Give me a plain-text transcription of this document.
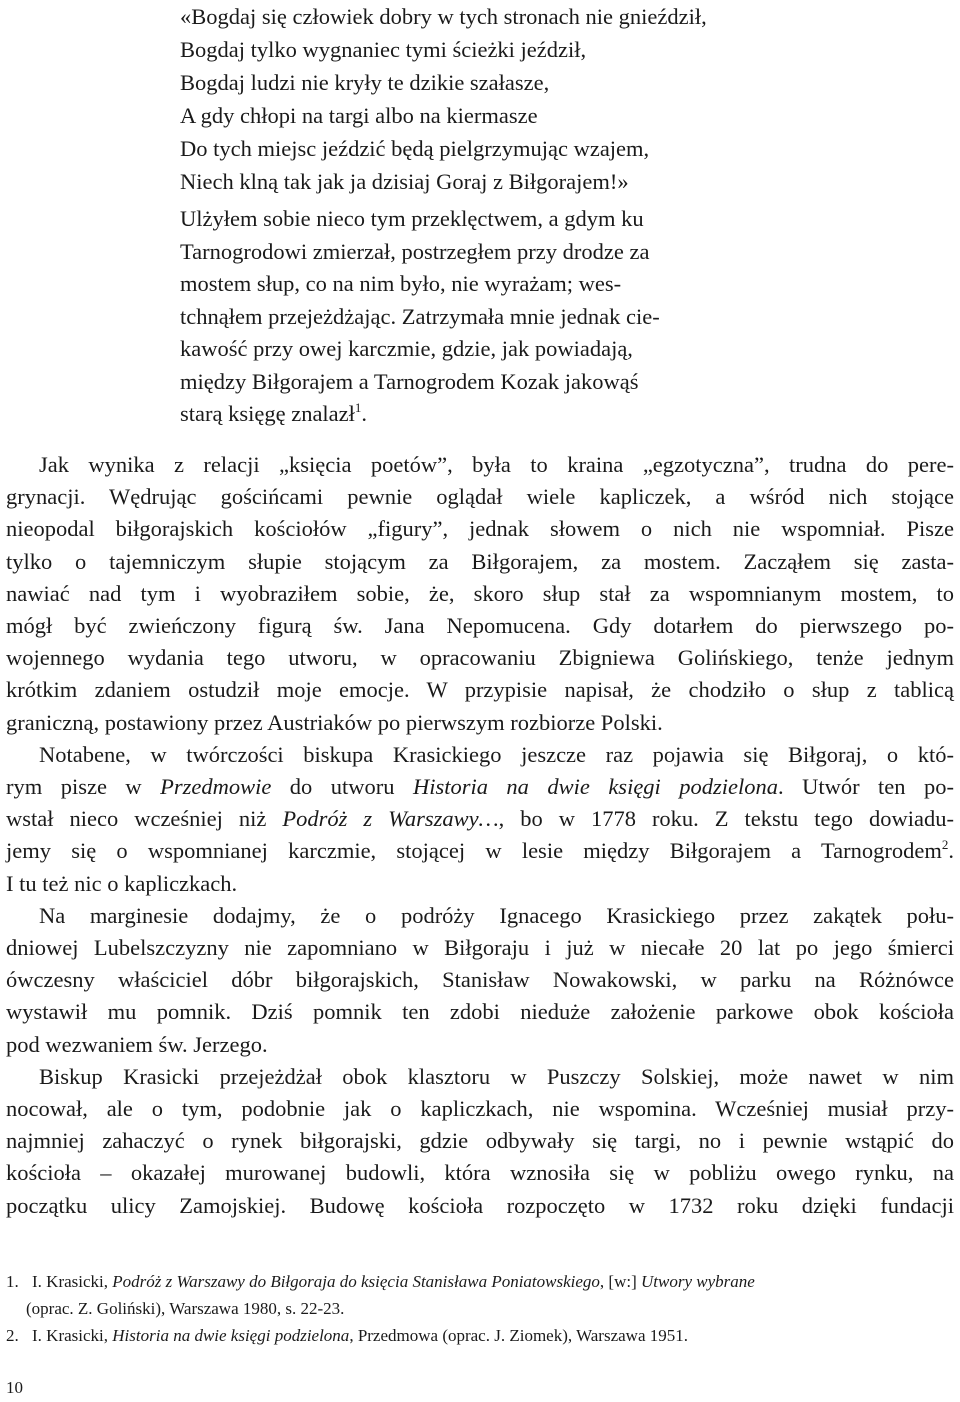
«Bogdaj się człowiek dobry w tych stronach nie gnieździł,
Bogdaj tylko wygnaniec tymi ścieżki jeździł,
Bogdaj ludzi nie kryły te dzikie szałasze,
A gdy chłopi na targi albo na kiermasze
Do tych miejsc jeździć będą pielgrzymując wzajem,
Niech klną tak jak ja dzisiaj Goraj z Biłgorajem!»
Ulżyłem sobie nieco tym przeklęctwem, a gdym ku
Tarnogrodowi zmierzał, postrzegłem przy drodze za
mostem słup, co na nim było, nie wyrażam; wes-
tchnąłem przejeżdżając. Zatrzymała mnie jednak cie-
kawość przy owej karczmie, gdzie, jak powiadają,
między Biłgorajem a Tarnogrodem Kozak jakowąś
starą księgę znalazł$^1$.
Jak wynika z relacji „księcia poetów”, była to kraina „egzotyczna”, trudna do pere-
grynacji. Wędrując gościńcami pewnie oglądał wiele kapliczek, a wśród nich stojące
nieopodal biłgorajskich kościołów „figury”, jednak słowem o nich nie wspomniał. Pisze
tylko o tajemniczym słupie stojącym za Biłgorajem, za mostem. Zacząłem się zasta-
nawiać nad tym i wyobraziłem sobie, że, skoro słup stał za wspomnianym mostem, to
mógł być zwieńczony figurą św. Jana Nepomucena. Gdy dotarłem do pierwszego po-
wojennego wydania tego utworu, w opracowaniu Zbigniewa Golińskiego, tenże jednym
krótkim zdaniem ostudził moje emocje. W przypisie napisał, że chodziło o słup z tablicą
graniczną, postawiony przez Austriaków po pierwszym rozbiorze Polski.
Notabene, w twórczości biskupa Krasickiego jeszcze raz pojawia się Biłgoraj, o któ-
rym pisze w Przedmowie do utworu Historia na dwie księgi podzielona. Utwór ten po-
wstał nieco wcześniej niż Podróż z Warszawy…, bo w 1778 roku. Z tekstu tego dowiadu-
jemy się o wspomnianej karczmie, stojącej w lesie między Biłgorajem a Tarnogrodem$^2$.
I tu też nic o kapliczkach.
Na marginesie dodajmy, że o podróży Ignacego Krasickiego przez zakątek połu-
dniowej Lubelszczyzny nie zapomniano w Biłgoraju i już w niecałe 20 lat po jego śmierci
ówczesny właściciel dóbr biłgorajskich, Stanisław Nowakowski, w parku na Różnówce
wystawił mu pomnik. Dziś pomnik ten zdobi nieduże założenie parkowe obok kościoła
pod wezwaniem św. Jerzego.
Biskup Krasicki przejeżdżał obok klasztoru w Puszczy Solskiej, może nawet w nim
nocował, ale o tym, podobnie jak o kapliczkach, nie wspomina. Wcześniej musiał przy-
najmniej zahaczyć o rynek biłgorajski, gdzie odbywały się targi, no i pewnie wstąpić do
kościoła – okazałej murowanej budowli, która wznosiła się w pobliżu owego rynku, na
początku ulicy Zamojskiej. Budowę kościoła rozpoczęto w 1732 roku dzięki fundacji
1. I. Krasicki, Podróż z Warszawy do Biłgoraja do księcia Stanisława Poniatowskiego, [w:] Utwory wybrane
(oprac. Z. Goliński), Warszawa 1980, s. 22-23.
2. I. Krasicki, Historia na dwie księgi podzielona, Przedmowa (oprac. J. Ziomek), Warszawa 1951.
10
